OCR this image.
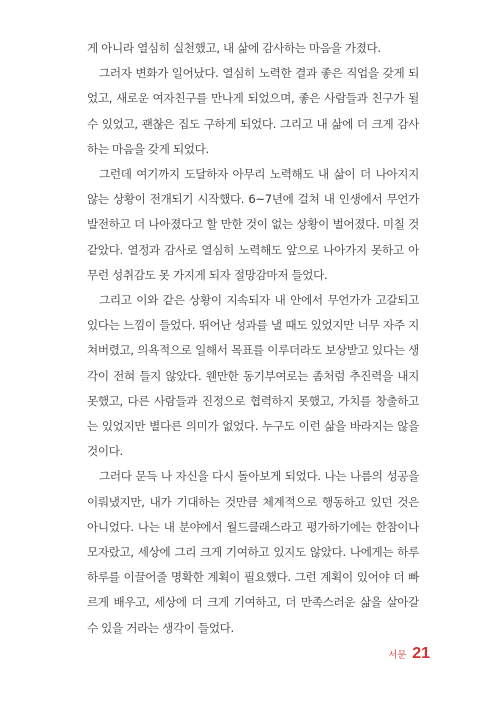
게 아니라 열심히 실천했고, 내 삶에 감사하는 마음을 가졌다.

그러자 변화가 일어났다. 열심히 노력한 결과 좋은 직업을 갖게 되었고, 새로운 여자친구를 만나게 되었으며, 좋은 사람들과 친구가 될 수 있었고, 괜찮은 집도 구하게 되었다. 그리고 내 삶에 더 크게 감사하는 마음을 갖게 되었다.

그런데 여기까지 도달하자 아무리 노력해도 내 삶이 더 나아지지 않는 상황이 전개되기 시작했다. 6~7년에 걸쳐 내 인생에서 무언가 발전하고 더 나아졌다고 할 만한 것이 없는 상황이 벌어졌다. 미칠 것 같았다. 열정과 감사로 열심히 노력해도 앞으로 나아가지 못하고 아무런 성취감도 못 가지게 되자 절망감마저 들었다.

그리고 이와 같은 상황이 지속되자 내 안에서 무언가가 고갈되고 있다는 느낌이 들었다. 뛰어난 성과를 낼 때도 있었지만 너무 자주 지쳐버렸고, 의욕적으로 일해서 목표를 이루더라도 보상받고 있다는 생각이 전혀 들지 않았다. 웬만한 동기부여로는 좀처럼 추진력을 내지 못했고, 다른 사람들과 진정으로 협력하지 못했고, 가치를 창출하고는 있었지만 별다른 의미가 없었다. 누구도 이런 삶을 바라지는 않을 것이다.

그러다 문득 나 자신을 다시 돌아보게 되었다. 나는 나름의 성공을 이뤄냈지만, 내가 기대하는 것만큼 체계적으로 행동하고 있던 것은 아니었다. 나는 내 분야에서 월드클래스라고 평가하기에는 한참이나 모자랐고, 세상에 그리 크게 기여하고 있지도 않았다. 나에게는 하루하루를 이끌어줄 명확한 계획이 필요했다. 그런 계획이 있어야 더 빠르게 배우고, 세상에 더 크게 기여하고, 더 만족스러운 삶을 살아갈 수 있을 거라는 생각이 들었다.

서문 21
